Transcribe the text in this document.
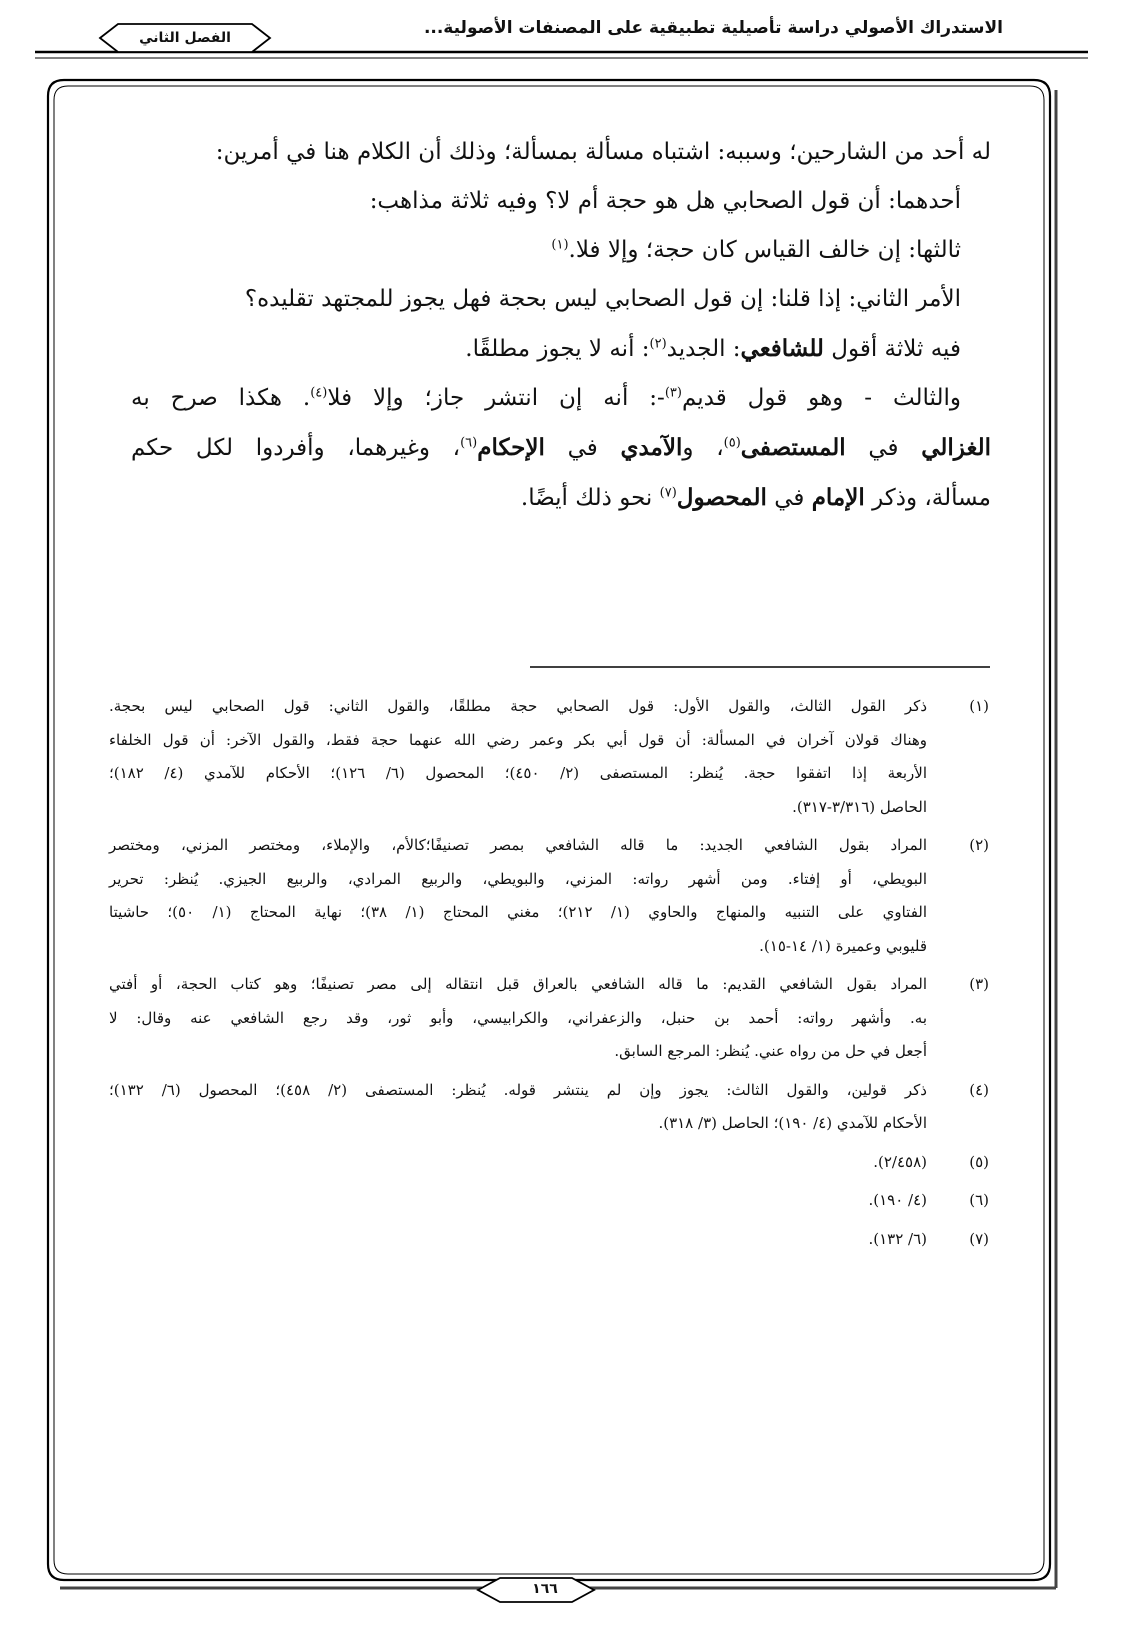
الاستدراك الأصولي دراسة تأصيلية تطبيقية على المصنفات الأصولية...
الفصل الثاني

له أحد من الشارحين؛ وسببه: اشتباه مسألة بمسألة؛ وذلك أن الكلام هنا في أمرين:

أحدهما: أن قول الصحابي هل هو حجة أم لا؟ وفيه ثلاثة مذاهب:

ثالثها: إن خالف القياس كان حجة؛ وإلا فلا.$^{(١)}$

الأمر الثاني: إذا قلنا: إن قول الصحابي ليس بحجة فهل يجوز للمجتهد تقليده؟

فيه ثلاثة أقول للشافعي: الجديد$^{(٢)}$: أنه لا يجوز مطلقًا.

والثالث - وهو قول قديم$^{(٣)}$-: أنه إن انتشر جاز؛ وإلا فلا$^{(٤)}$. هكذا صرح به

الغزالي في المستصفى$^{(٥)}$، والآمدي في الإحكام$^{(٦)}$، وغيرهما، وأفردوا لكل حكم

مسألة، وذكر الإمام في المحصول$^{(٧)}$ نحو ذلك أيضًا.

(١)
ذكر القول الثالث، والقول الأول: قول الصحابي حجة مطلقًا، والقول الثاني: قول الصحابي ليس بحجة.
وهناك قولان آخران في المسألة: أن قول أبي بكر وعمر رضي الله عنهما حجة فقط، والقول الآخر: أن قول الخلفاء
الأربعة إذا اتفقوا حجة. يُنظر: المستصفى (٢/ ٤٥٠)؛ المحصول (٦/ ١٢٦)؛ الأحكام للآمدي (٤/ ١٨٢)؛
الحاصل (٣/٣١٦-٣١٧).
(٢)
المراد بقول الشافعي الجديد: ما قاله الشافعي بمصر تصنيفًا؛كالأم، والإملاء، ومختصر المزني، ومختصر
البويطي، أو إفتاء. ومن أشهر رواته: المزني، والبويطي، والربيع المرادي، والربيع الجيزي. يُنظر: تحرير
الفتاوي على التنبيه والمنهاج والحاوي (١/ ٢١٢)؛ مغني المحتاج (١/ ٣٨)؛ نهاية المحتاج (١/ ٥٠)؛ حاشيتا
قليوبي وعميرة (١/ ١٤-١٥).
(٣)
المراد بقول الشافعي القديم: ما قاله الشافعي بالعراق قبل انتقاله إلى مصر تصنيفًا؛ وهو كتاب الحجة، أو أفتي
به. وأشهر رواته: أحمد بن حنبل، والزعفراني، والكرابيسي، وأبو ثور، وقد رجع الشافعي عنه وقال: لا
أجعل في حل من رواه عني. يُنظر: المرجع السابق.
(٤)
ذكر قولين، والقول الثالث: يجوز وإن لم ينتشر قوله. يُنظر: المستصفى (٢/ ٤٥٨)؛ المحصول (٦/ ١٣٢)؛
الأحكام للآمدي (٤/ ١٩٠)؛ الحاصل (٣/ ٣١٨).
(٥)
(٢/٤٥٨).
(٦)
(٤/ ١٩٠).
(٧)
(٦/ ١٣٢).
١٦٦
